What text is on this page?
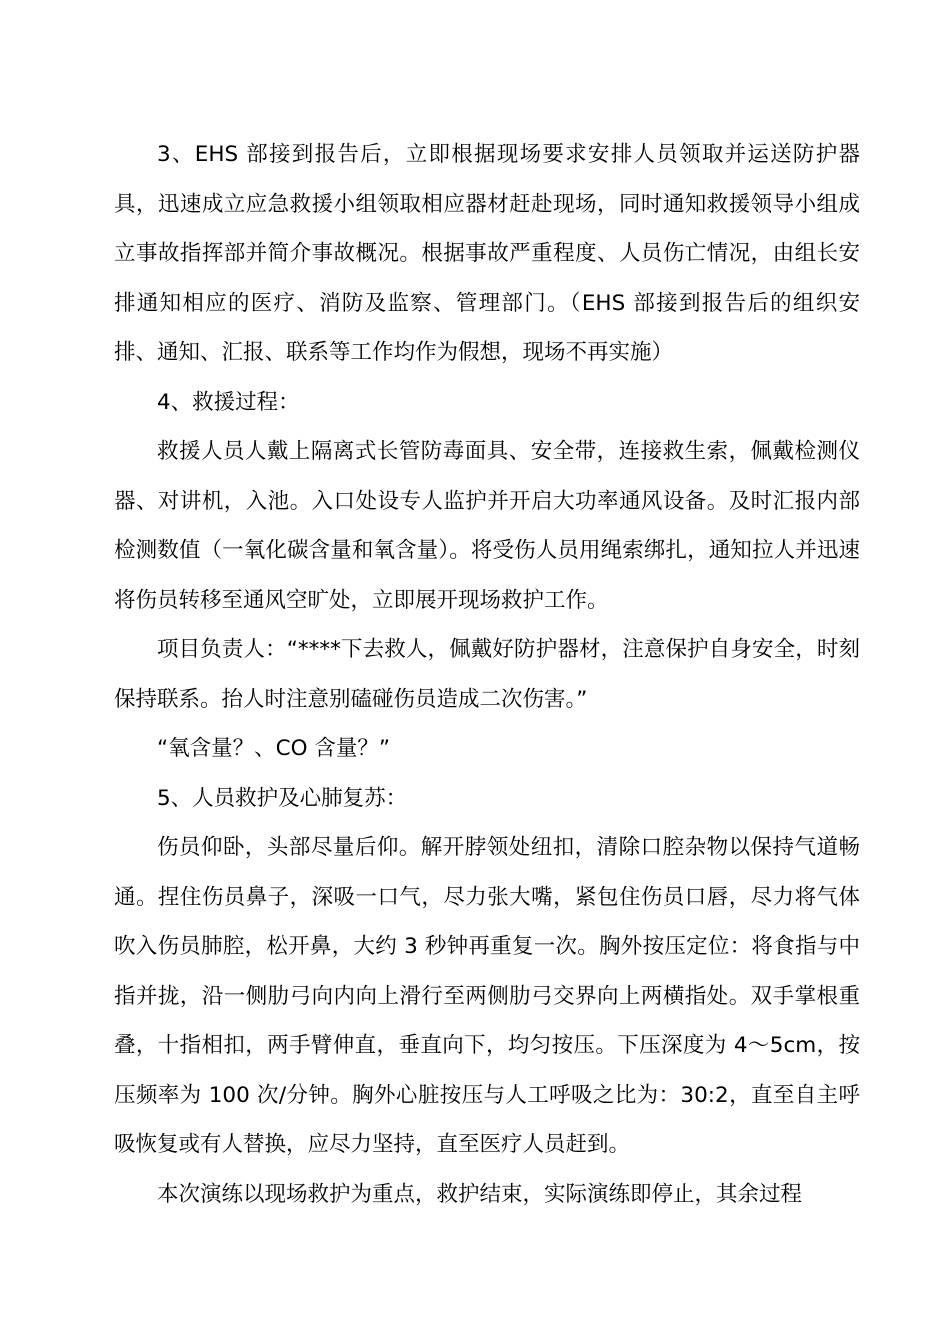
3、EHS 部接到报告后，立即根据现场要求安排人员领取并运送防护器具，迅速成立应急救援小组领取相应器材赶赴现场，同时通知救援领导小组成立事故指挥部并简介事故概况。根据事故严重程度、人员伤亡情况，由组长安排通知相应的医疗、消防及监察、管理部门。（EHS 部接到报告后的组织安排、通知、汇报、联系等工作均作为假想，现场不再实施）

4、救援过程：

救援人员人戴上隔离式长管防毒面具、安全带，连接救生索，佩戴检测仪器、对讲机，入池。入口处设专人监护并开启大功率通风设备。及时汇报内部检测数值（一氧化碳含量和氧含量）。将受伤人员用绳索绑扎，通知拉人并迅速将伤员转移至通风空旷处，立即展开现场救护工作。

项目负责人：“****下去救人，佩戴好防护器材，注意保护自身安全，时刻保持联系。抬人时注意别磕碰伤员造成二次伤害。”

“氧含量？、CO 含量？”

5、人员救护及心肺复苏：

伤员仰卧，头部尽量后仰。解开脖领处纽扣，清除口腔杂物以保持气道畅通。捏住伤员鼻子，深吸一口气，尽力张大嘴，紧包住伤员口唇，尽力将气体吹入伤员肺腔，松开鼻，大约 3 秒钟再重复一次。胸外按压定位：将食指与中指并拢，沿一侧肋弓向内向上滑行至两侧肋弓交界向上两横指处。双手掌根重叠，十指相扣，两手臂伸直，垂直向下，均匀按压。下压深度为 4～5cm，按压频率为 100 次/分钟。胸外心脏按压与人工呼吸之比为：30:2，直至自主呼吸恢复或有人替换，应尽力坚持，直至医疗人员赶到。

本次演练以现场救护为重点，救护结束，实际演练即停止，其余过程
